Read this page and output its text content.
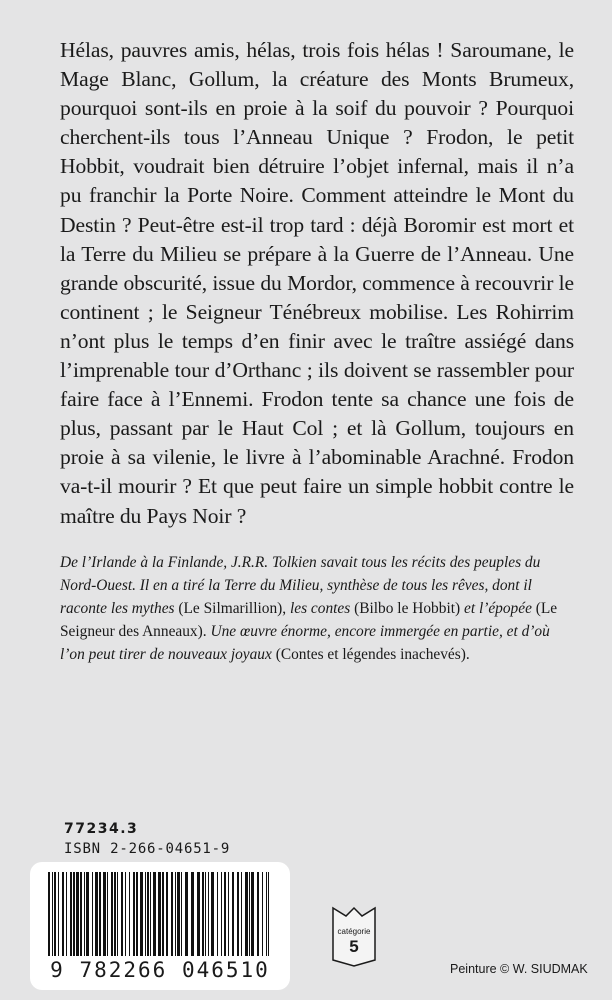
Hélas, pauvres amis, hélas, trois fois hélas ! Saroumane, le Mage Blanc, Gollum, la créature des Monts Brumeux, pourquoi sont-ils en proie à la soif du pouvoir ? Pourquoi cherchent-ils tous l’Anneau Unique ? Frodon, le petit Hobbit, voudrait bien détruire l’objet infernal, mais il n’a pu franchir la Porte Noire. Comment atteindre le Mont du Destin ? Peut-être est-il trop tard : déjà Boromir est mort et la Terre du Milieu se prépare à la Guerre de l’Anneau. Une grande obscurité, issue du Mordor, commence à recouvrir le continent ; le Seigneur Ténébreux mobilise. Les Rohirrim n’ont plus le temps d’en finir avec le traître assiégé dans l’imprenable tour d’Orthanc ; ils doivent se rassembler pour faire face à l’Ennemi. Frodon tente sa chance une fois de plus, passant par le Haut Col ; et là Gollum, toujours en proie à sa vilenie, le livre à l’abominable Arachné. Frodon va-t-il mourir ? Et que peut faire un simple hobbit contre le maître du Pays Noir ?

De l’Irlande à la Finlande, J.R.R. Tolkien savait tous les récits des peuples du Nord-Ouest. Il en a tiré la Terre du Milieu, synthèse de tous les rêves, dont il raconte les mythes (Le Silmarillion), les contes (Bilbo le Hobbit) et l’épopée (Le Seigneur des Anneaux). Une œuvre énorme, encore immergée en partie, et d’où l’on peut tirer de nouveaux joyaux (Contes et légendes inachevés).

77234.3
ISBN 2-266-04651-9
9 782266 046510
catégorie
5
Peinture © W. SIUDMAK
